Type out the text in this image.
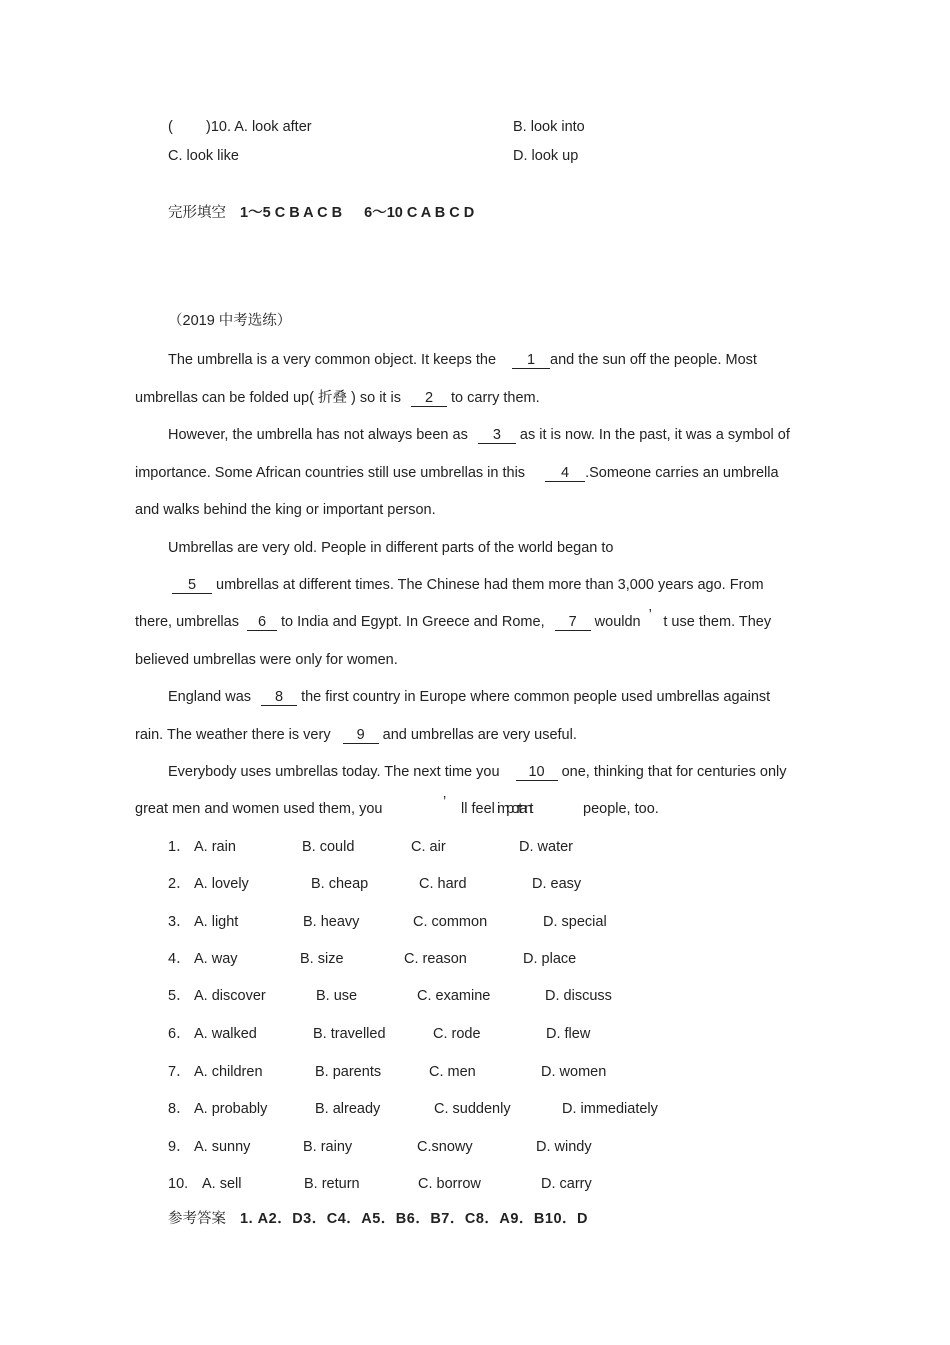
( )10. A. look after	B. look into
C. look like	D. look up
完形填空 1～5 C B A C B 6～10 C A B C D
（2019 中考选练）
The umbrella is a very common object. It keeps the 1 and the sun off the people. Most
umbrellas can be folded up( 折叠 ) so it is 2 to carry them.
However, the umbrella has not always been as 3 as it is now. In the past, it was a symbol of
importance. Some African countries still use umbrellas in this 4 .Someone carries an umbrella
and walks behind the king or important person.
Umbrellas are very old. People in different parts of the world began to
5 umbrellas at different times. The Chinese had them more than 3,000 years ago. From
there, umbrellas 6 to India and Egypt. In Greece and Rome, 7 wouldn ’ t use them. They
believed umbrellas were only for women.
England was 8 the first country in Europe where common people used umbrellas against
rain. The weather there is very 9 and umbrellas are very useful.
Everybody uses umbrellas today. The next time you 10 one, thinking that for centuries only
great men and women used them, you	’ ll feel important	people, too.
1． A. rain	B. could	C. air	D. water
2． A. lovely	B. cheap	C. hard	D. easy
3． A. light	B. heavy	C. common	D. special
4． A. way	B. size	C. reason	D. place
5． A. discover	B. use	C. examine	D. discuss
6． A. walked	B. travelled	C. rode	D. flew
7． A. children	B. parents	C. men	D. women
8． A. probably	B. already	C. suddenly	D. immediately
9． A. sunny	B. rainy	C.snowy	D. windy
10. A. sell	B. return	C. borrow	D. carry
参考答案 1. A2．D3．C4．A5．B6．B7．C8．A9．B10．D
